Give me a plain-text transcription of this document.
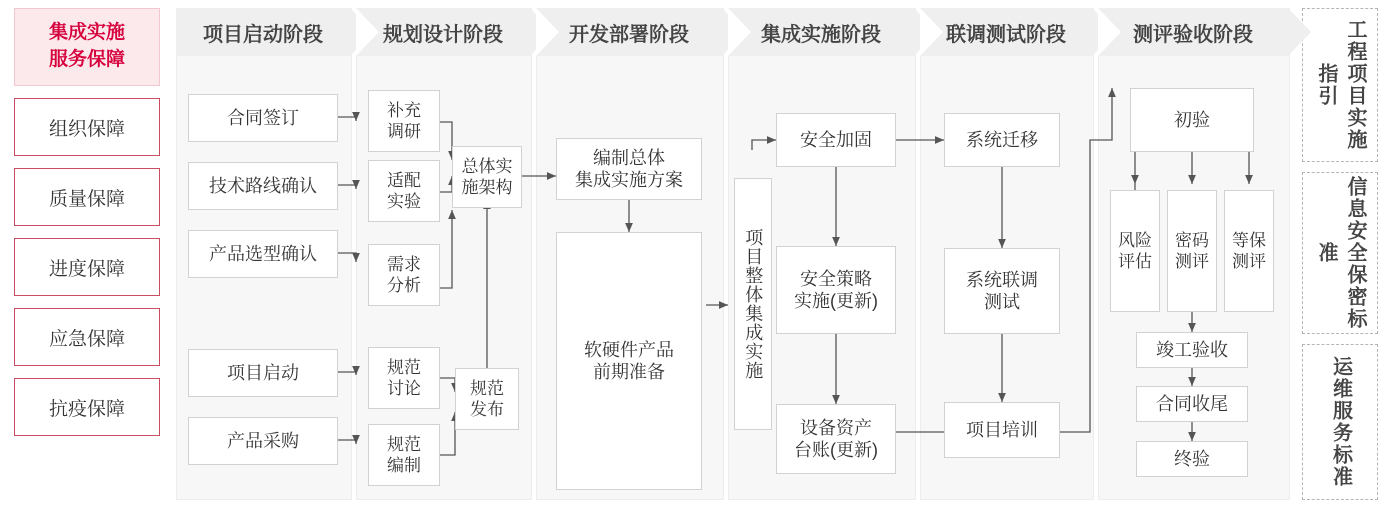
集成实施
服务保障
组织保障
质量保障
进度保障
应急保障
抗疫保障
项目启动阶段	规划设计阶段	开发部署阶段	集成实施阶段	联调测试阶段	测评验收阶段
合同签订
技术路线确认
产品选型确认
项目启动
产品采购
补充
调研
适配
实验
需求
分析
规范
讨论
规范
编制
总体实
施架构
规范
发布
编制总体
集成实施方案
软硬件产品
前期准备	项目整体集成实施
安全加固
安全策略
实施(更新)
设备资产
台账(更新)
系统迁移
系统联调
测试
项目培训
初验
风险
评估
密码
测评
等保
测评
竣工验收
合同收尾
终验
工程项目实施指引
信息安全保密标准
运维服务标准
